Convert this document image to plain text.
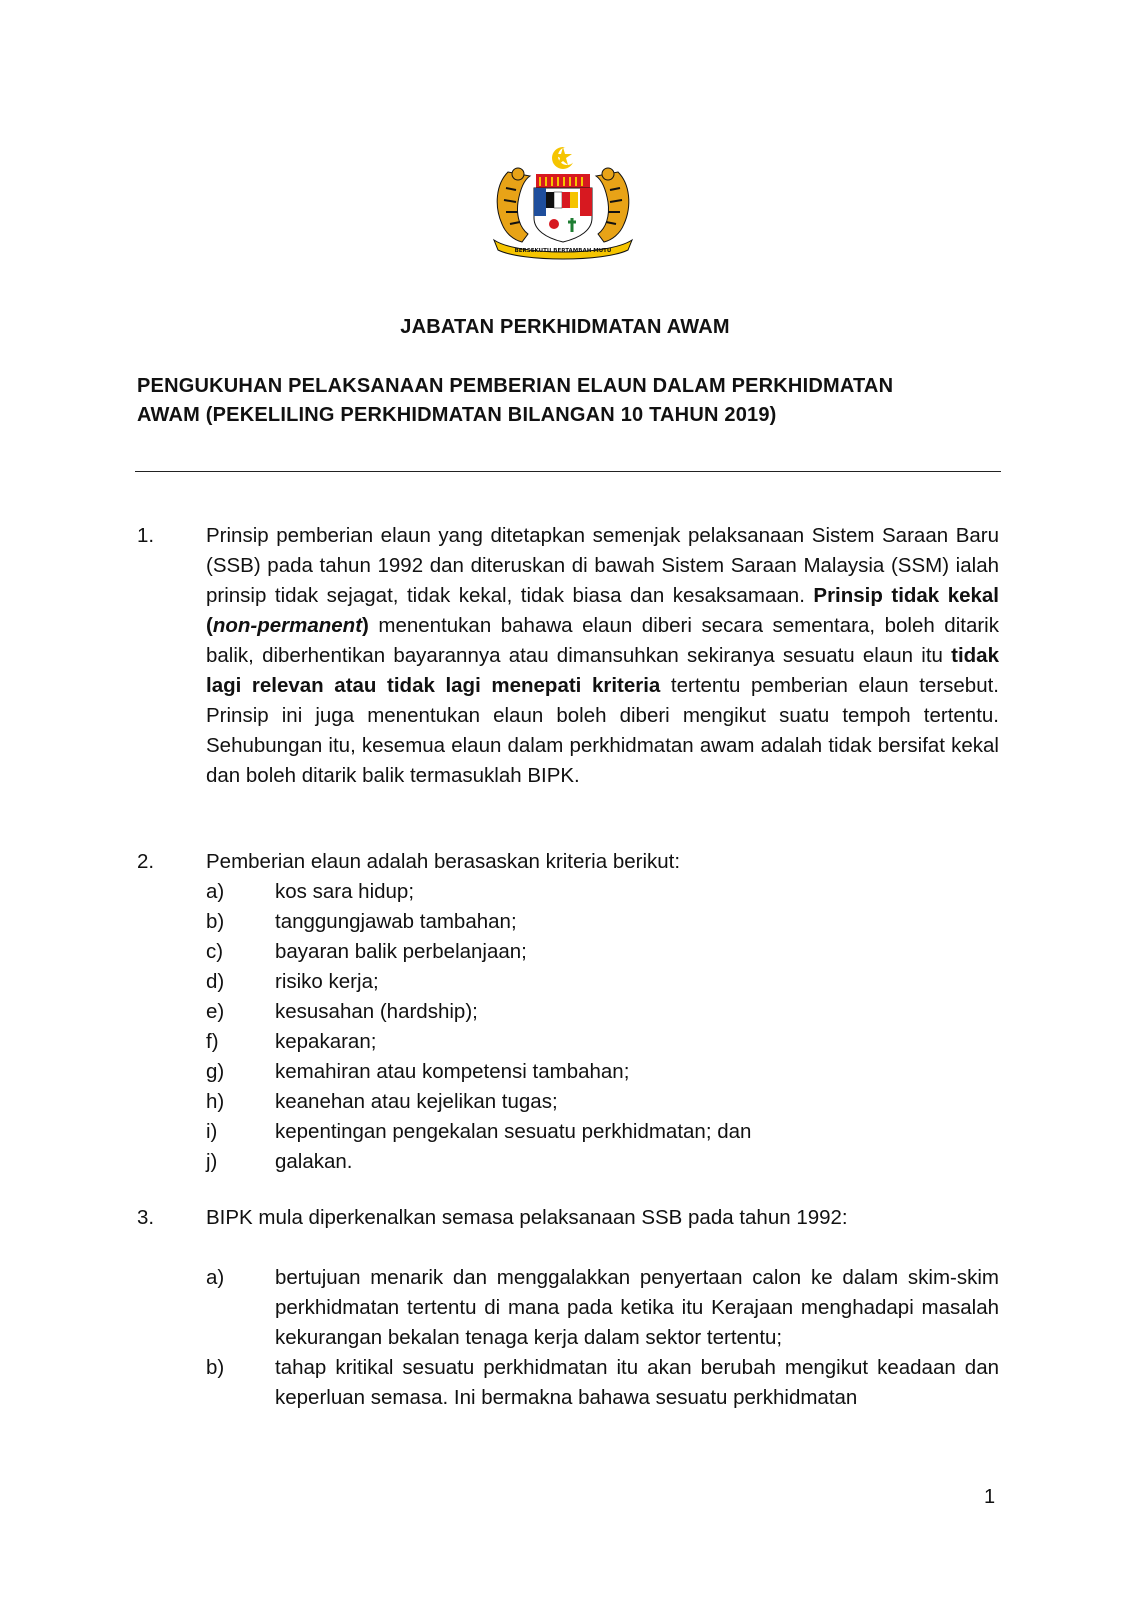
BERSEKUTU BERTAMBAH MUTU
JABATAN PERKHIDMATAN AWAM
PENGUKUHAN PELAKSANAAN PEMBERIAN ELAUN DALAM PERKHIDMATAN
AWAM (PEKELILING PERKHIDMATAN BILANGAN 10 TAHUN 2019)
1.	Prinsip pemberian elaun yang ditetapkan semenjak pelaksanaan Sistem Saraan Baru (SSB) pada tahun 1992 dan diteruskan di bawah Sistem Saraan Malaysia (SSM) ialah prinsip tidak sejagat, tidak kekal, tidak biasa dan kesaksamaan. Prinsip tidak kekal (non-permanent) menentukan bahawa elaun diberi secara sementara, boleh ditarik balik, diberhentikan bayarannya atau dimansuhkan sekiranya sesuatu elaun itu tidak lagi relevan atau tidak lagi menepati kriteria tertentu pemberian elaun tersebut. Prinsip ini juga menentukan elaun boleh diberi mengikut suatu tempoh tertentu. Sehubungan itu, kesemua elaun dalam perkhidmatan awam adalah tidak bersifat kekal dan boleh ditarik balik termasuklah BIPK.
2.	Pemberian elaun adalah berasaskan kriteria berikut:
a) kos sara hidup;
b) tanggungjawab tambahan;
c)	bayaran balik perbelanjaan;
d) risiko kerja;
e) kesusahan (hardship);
f)	kepakaran;
g) kemahiran atau kompetensi tambahan;
h) keanehan atau kejelikan tugas;
i)	kepentingan pengekalan sesuatu perkhidmatan; dan
j)	galakan.
3.	BIPK mula diperkenalkan semasa pelaksanaan SSB pada tahun 1992:
a) bertujuan menarik dan menggalakkan penyertaan calon ke dalam skim-skim perkhidmatan tertentu di mana pada ketika itu Kerajaan menghadapi masalah kekurangan bekalan tenaga kerja dalam sektor tertentu;
b) tahap kritikal sesuatu perkhidmatan itu akan berubah mengikut keadaan dan keperluan semasa. Ini bermakna bahawa sesuatu perkhidmatan
1
